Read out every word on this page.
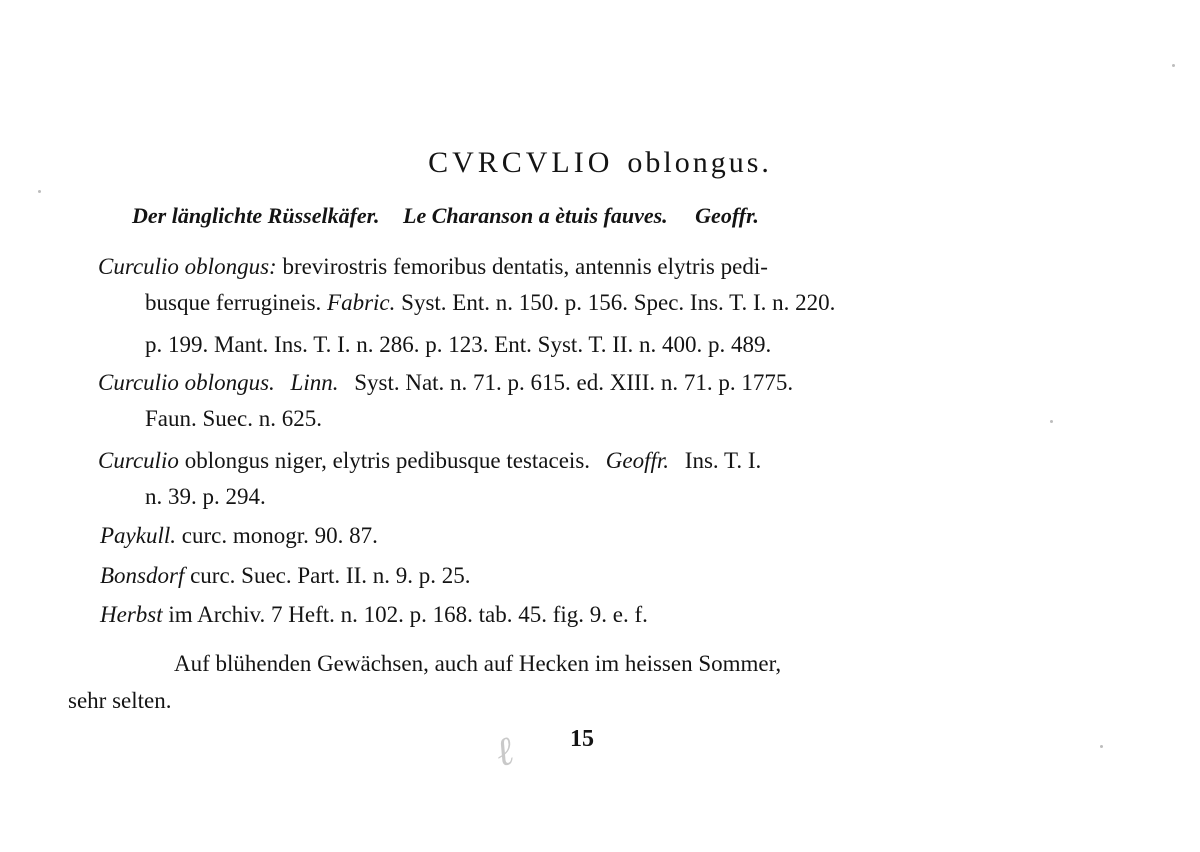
CVRCVLIO oblongus.
Der länglichte Rüsselkäfer. Le Charanson a ètuis fauves. Geoffr.
Curculio oblongus: brevirostris femoribus dentatis, antennis elytris pedi-
busque ferrugineis. Fabric. Syst. Ent. n. 150. p. 156. Spec. Ins. T. I. n. 220.
p. 199. Mant. Ins. T. I. n. 286. p. 123. Ent. Syst. T. II. n. 400. p. 489.
Curculio oblongus. Linn. Syst. Nat. n. 71. p. 615. ed. XIII. n. 71. p. 1775.
Faun. Suec. n. 625.
Curculio oblongus niger, elytris pedibusque testaceis. Geoffr. Ins. T. I.
n. 39. p. 294.
Paykull. curc. monogr. 90. 87.
Bonsdorf curc. Suec. Part. II. n. 9. p. 25.
Herbst im Archiv. 7 Heft. n. 102. p. 168. tab. 45. fig. 9. e. f.
Auf blühenden Gewächsen, auch auf Hecken im heissen Sommer,
sehr selten.
15
ℓ
